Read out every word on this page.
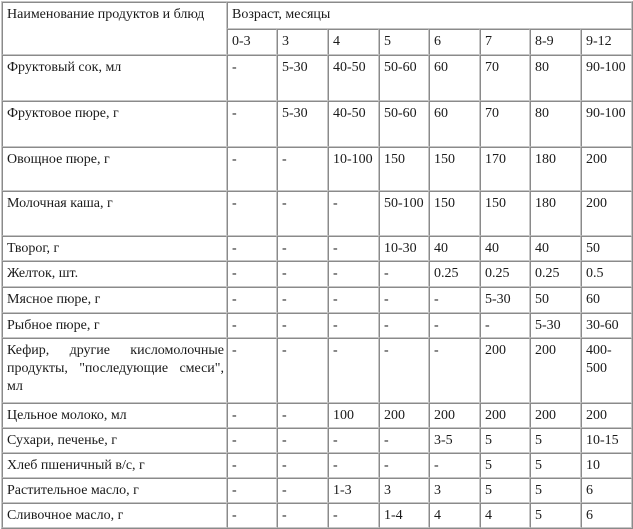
Наименование продуктов и блюд	Возраст, месяцы							
	0-3	3	4	5	6	7	8-9	9-12
Фруктовый сок, мл	-	5-30	40-50	50-60	60	70	80	90-100
Фруктовое пюре, г	-	5-30	40-50	50-60	60	70	80	90-100
Овощное пюре, г	-	-	10-100	150	150	170	180	200
Молочная каша, г	-	-	-	50-100	150	150	180	200
Творог, г	-	-	-	10-30	40	40	40	50
Желток, шт.	-	-	-	-	0.25	0.25	0.25	0.5
Мясное пюре, г	-	-	-	-	-	5-30	50	60
Рыбное пюре, г	-	-	-	-	-	-	5-30	30-60
Кефир, другие кисломолочные продукты, "последующие смеси", мл	-	-	-	-	-	200	200	400-500
Цельное молоко, мл	-	-	100	200	200	200	200	200
Сухари, печенье, г	-	-	-	-	3-5	5	5	10-15
Хлеб пшеничный в/с, г	-	-	-	-	-	5	5	10
Растительное масло, г	-	-	1-3	3	3	5	5	6
Сливочное масло, г	-	-	-	1-4	4	4	5	6
